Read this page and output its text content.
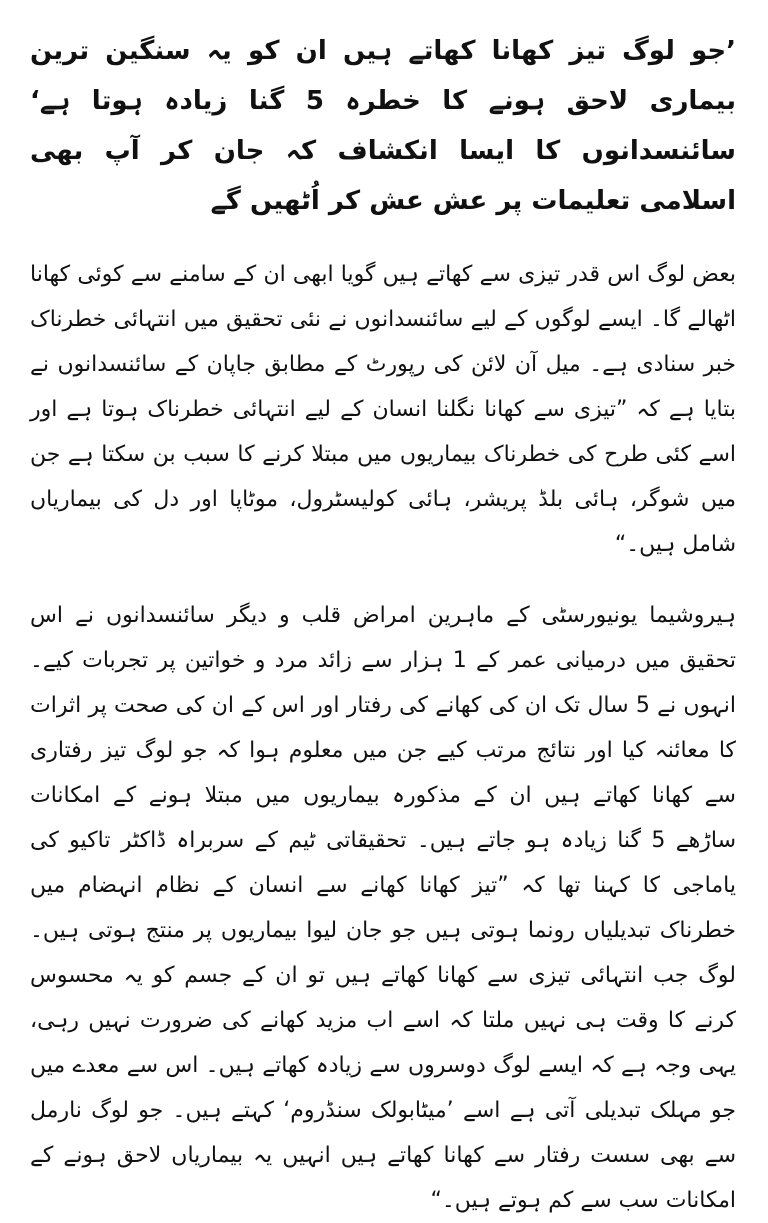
’جو لوگ تیز کھانا کھاتے ہیں ان کو یہ سنگین ترین بیماری لاحق ہونے کا خطرہ 5 گنا زیادہ ہوتا ہے‘ سائنسدانوں کا ایسا انکشاف کہ جان کر آپ بھی اسلامی تعلیمات پر عش عش کر اُٹھیں گے

بعض لوگ اس قدر تیزی سے کھاتے ہیں گویا ابھی ان کے سامنے سے کوئی کھانا اٹھالے گا۔ ایسے لوگوں کے لیے سائنسدانوں نے نئی تحقیق میں انتہائی خطرناک خبر سنادی ہے۔ میل آن لائن کی رپورٹ کے مطابق جاپان کے سائنسدانوں نے بتایا ہے کہ ”تیزی سے کھانا نگلنا انسان کے لیے انتہائی خطرناک ہوتا ہے اور اسے کئی طرح کی خطرناک بیماریوں میں مبتلا کرنے کا سبب بن سکتا ہے جن میں شوگر، ہائی بلڈ پریشر، ہائی کولیسٹرول، موٹاپا اور دل کی بیماریاں شامل ہیں۔“

ہیروشیما یونیورسٹی کے ماہرین امراض قلب و دیگر سائنسدانوں نے اس تحقیق میں درمیانی عمر کے 1 ہزار سے زائد مرد و خواتین پر تجربات کیے۔ انہوں نے 5 سال تک ان کی کھانے کی رفتار اور اس کے ان کی صحت پر اثرات کا معائنہ کیا اور نتائج مرتب کیے جن میں معلوم ہوا کہ جو لوگ تیز رفتاری سے کھانا کھاتے ہیں ان کے مذکورہ بیماریوں میں مبتلا ہونے کے امکانات ساڑھے 5 گنا زیادہ ہو جاتے ہیں۔ تحقیقاتی ٹیم کے سربراہ ڈاکٹر تاکیو کی یاماجی کا کہنا تھا کہ ”تیز کھانا کھانے سے انسان کے نظام انہضام میں خطرناک تبدیلیاں رونما ہوتی ہیں جو جان لیوا بیماریوں پر منتج ہوتی ہیں۔ لوگ جب انتہائی تیزی سے کھانا کھاتے ہیں تو ان کے جسم کو یہ محسوس کرنے کا وقت ہی نہیں ملتا کہ اسے اب مزید کھانے کی ضرورت نہیں رہی، یہی وجہ ہے کہ ایسے لوگ دوسروں سے زیادہ کھاتے ہیں۔ اس سے معدے میں جو مہلک تبدیلی آتی ہے اسے ’میٹابولک سنڈروم‘ کہتے ہیں۔ جو لوگ نارمل سے بھی سست رفتار سے کھانا کھاتے ہیں انہیں یہ بیماریاں لاحق ہونے کے امکانات سب سے کم ہوتے ہیں۔“
